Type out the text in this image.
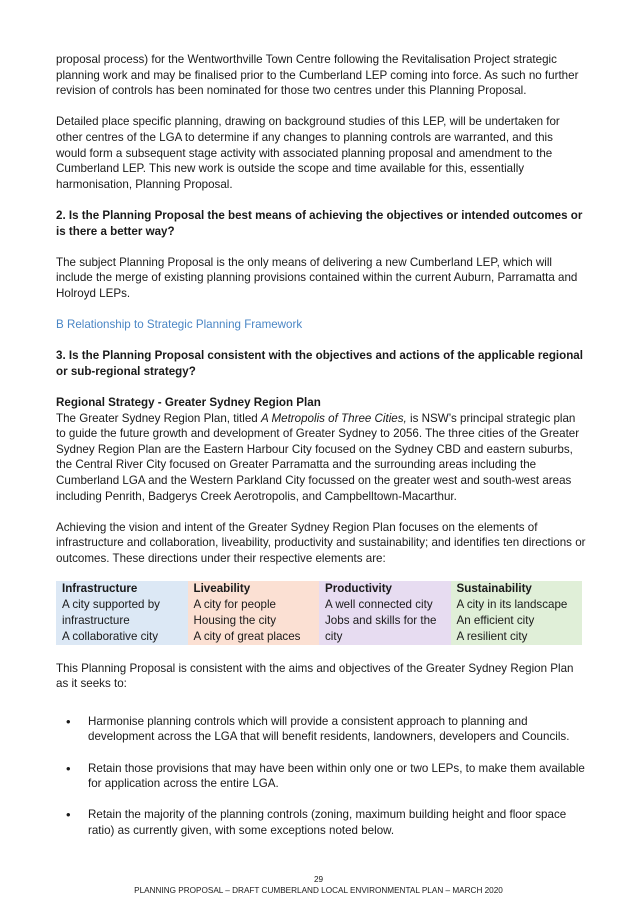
proposal process) for the Wentworthville Town Centre following the Revitalisation Project strategic planning work and may be finalised prior to the Cumberland LEP coming into force. As such no further revision of controls has been nominated for those two centres under this Planning Proposal.

Detailed place specific planning, drawing on background studies of this LEP, will be undertaken for other centres of the LGA to determine if any changes to planning controls are warranted, and this would form a subsequent stage activity with associated planning proposal and amendment to the Cumberland LEP. This new work is outside the scope and time available for this, essentially harmonisation, Planning Proposal.

2. Is the Planning Proposal the best means of achieving the objectives or intended outcomes or is there a better way?

The subject Planning Proposal is the only means of delivering a new Cumberland LEP, which will include the merge of existing planning provisions contained within the current Auburn, Parramatta and Holroyd LEPs.

B Relationship to Strategic Planning Framework

3. Is the Planning Proposal consistent with the objectives and actions of the applicable regional or sub-regional strategy?

Regional Strategy - Greater Sydney Region Plan

The Greater Sydney Region Plan, titled A Metropolis of Three Cities, is NSW’s principal strategic plan to guide the future growth and development of Greater Sydney to 2056. The three cities of the Greater Sydney Region Plan are the Eastern Harbour City focused on the Sydney CBD and eastern suburbs, the Central River City focused on Greater Parramatta and the surrounding areas including the Cumberland LGA and the Western Parkland City focussed on the greater west and south-west areas including Penrith, Badgerys Creek Aerotropolis, and Campbelltown-Macarthur.

Achieving the vision and intent of the Greater Sydney Region Plan focuses on the elements of infrastructure and collaboration, liveability, productivity and sustainability; and identifies ten directions or outcomes. These directions under their respective elements are:

Infrastructure	Liveability	Productivity	Sustainability
A city supported by	A city for people	A well connected city	A city in its landscape
infrastructure	Housing the city	Jobs and skills for the	An efficient city
A collaborative city	A city of great places	city	A resilient city

This Planning Proposal is consistent with the aims and objectives of the Greater Sydney Region Plan as it seeks to:

• Harmonise planning controls which will provide a consistent approach to planning and development across the LGA that will benefit residents, landowners, developers and Councils.
• Retain those provisions that may have been within only one or two LEPs, to make them available for application across the entire LGA.
• Retain the majority of the planning controls (zoning, maximum building height and floor space ratio) as currently given, with some exceptions noted below.
29
PLANNING PROPOSAL – DRAFT CUMBERLAND LOCAL ENVIRONMENTAL PLAN – MARCH 2020
